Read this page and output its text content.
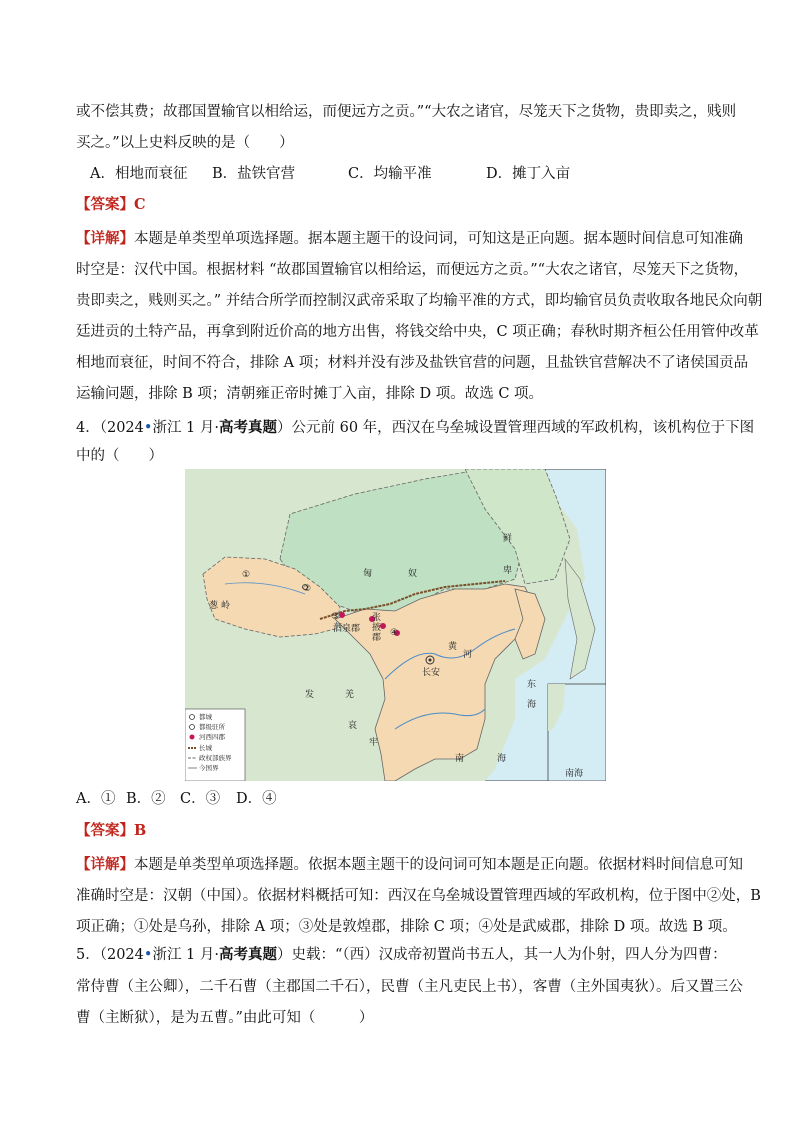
或不偿其费；故郡国置输官以相给运，而便远方之贡。”“大农之诸官，尽笼天下之货物，贵即卖之，贱则
买之。”以上史料反映的是（　　）
A．相地而衰征 B．盐铁官营	C．均输平准	D．摊丁入亩
【答案】C
【详解】本题是单类型单项选择题。据本题主题干的设问词，可知这是正向题。据本题时间信息可知准确
时空是：汉代中国。根据材料 “故郡国置输官以相给运，而便远方之贡。”“大农之诸官，尽笼天下之货物，
贵即卖之，贱则买之。” 并结合所学而控制汉武帝采取了均输平准的方式，即均输官员负责收取各地民众向朝
廷进贡的土特产品，再拿到附近价高的地方出售，将钱交给中央，C 项正确；春秋时期齐桓公任用管仲改革
相地而衰征，时间不符合，排除 A 项；材料并没有涉及盐铁官营的问题，且盐铁官营解决不了诸侯国贡品
运输问题，排除 B 项；清朝雍正帝时摊丁入亩，排除 D 项。故选 C 项。
4．（2024•浙江 1 月·高考真题）公元前 60 年，西汉在乌垒城设置管理西域的军政机构，该机构位于下图
中的（　　）
都城
都级驻所
河西四郡
长城
政权部族界
今国界
①
②
③
④
匈	奴
鲜
卑
葱 岭
酒泉郡
张
掖
郡
长安
发	羌
哀
牢
东
海
南	海
黄
河
南海
A．① B．② C．③ D．④
【答案】B
【详解】本题是单类型单项选择题。依据本题主题干的设问词可知本题是正向题。依据材料时间信息可知
准确时空是：汉朝（中国）。依据材料概括可知：西汉在乌垒城设置管理西域的军政机构，位于图中②处，B
项正确；①处是乌孙，排除 A 项；③处是敦煌郡，排除 C 项；④处是武威郡，排除 D 项。故选 B 项。
5．（2024•浙江 1 月·高考真题）史载：“（西）汉成帝初置尚书五人，其一人为仆射，四人分为四曹：
常侍曹（主公卿），二千石曹（主郡国二千石），民曹（主凡吏民上书），客曹（主外国夷狄）。后又置三公
曹（主断狱），是为五曹。”由此可知（　　　）
